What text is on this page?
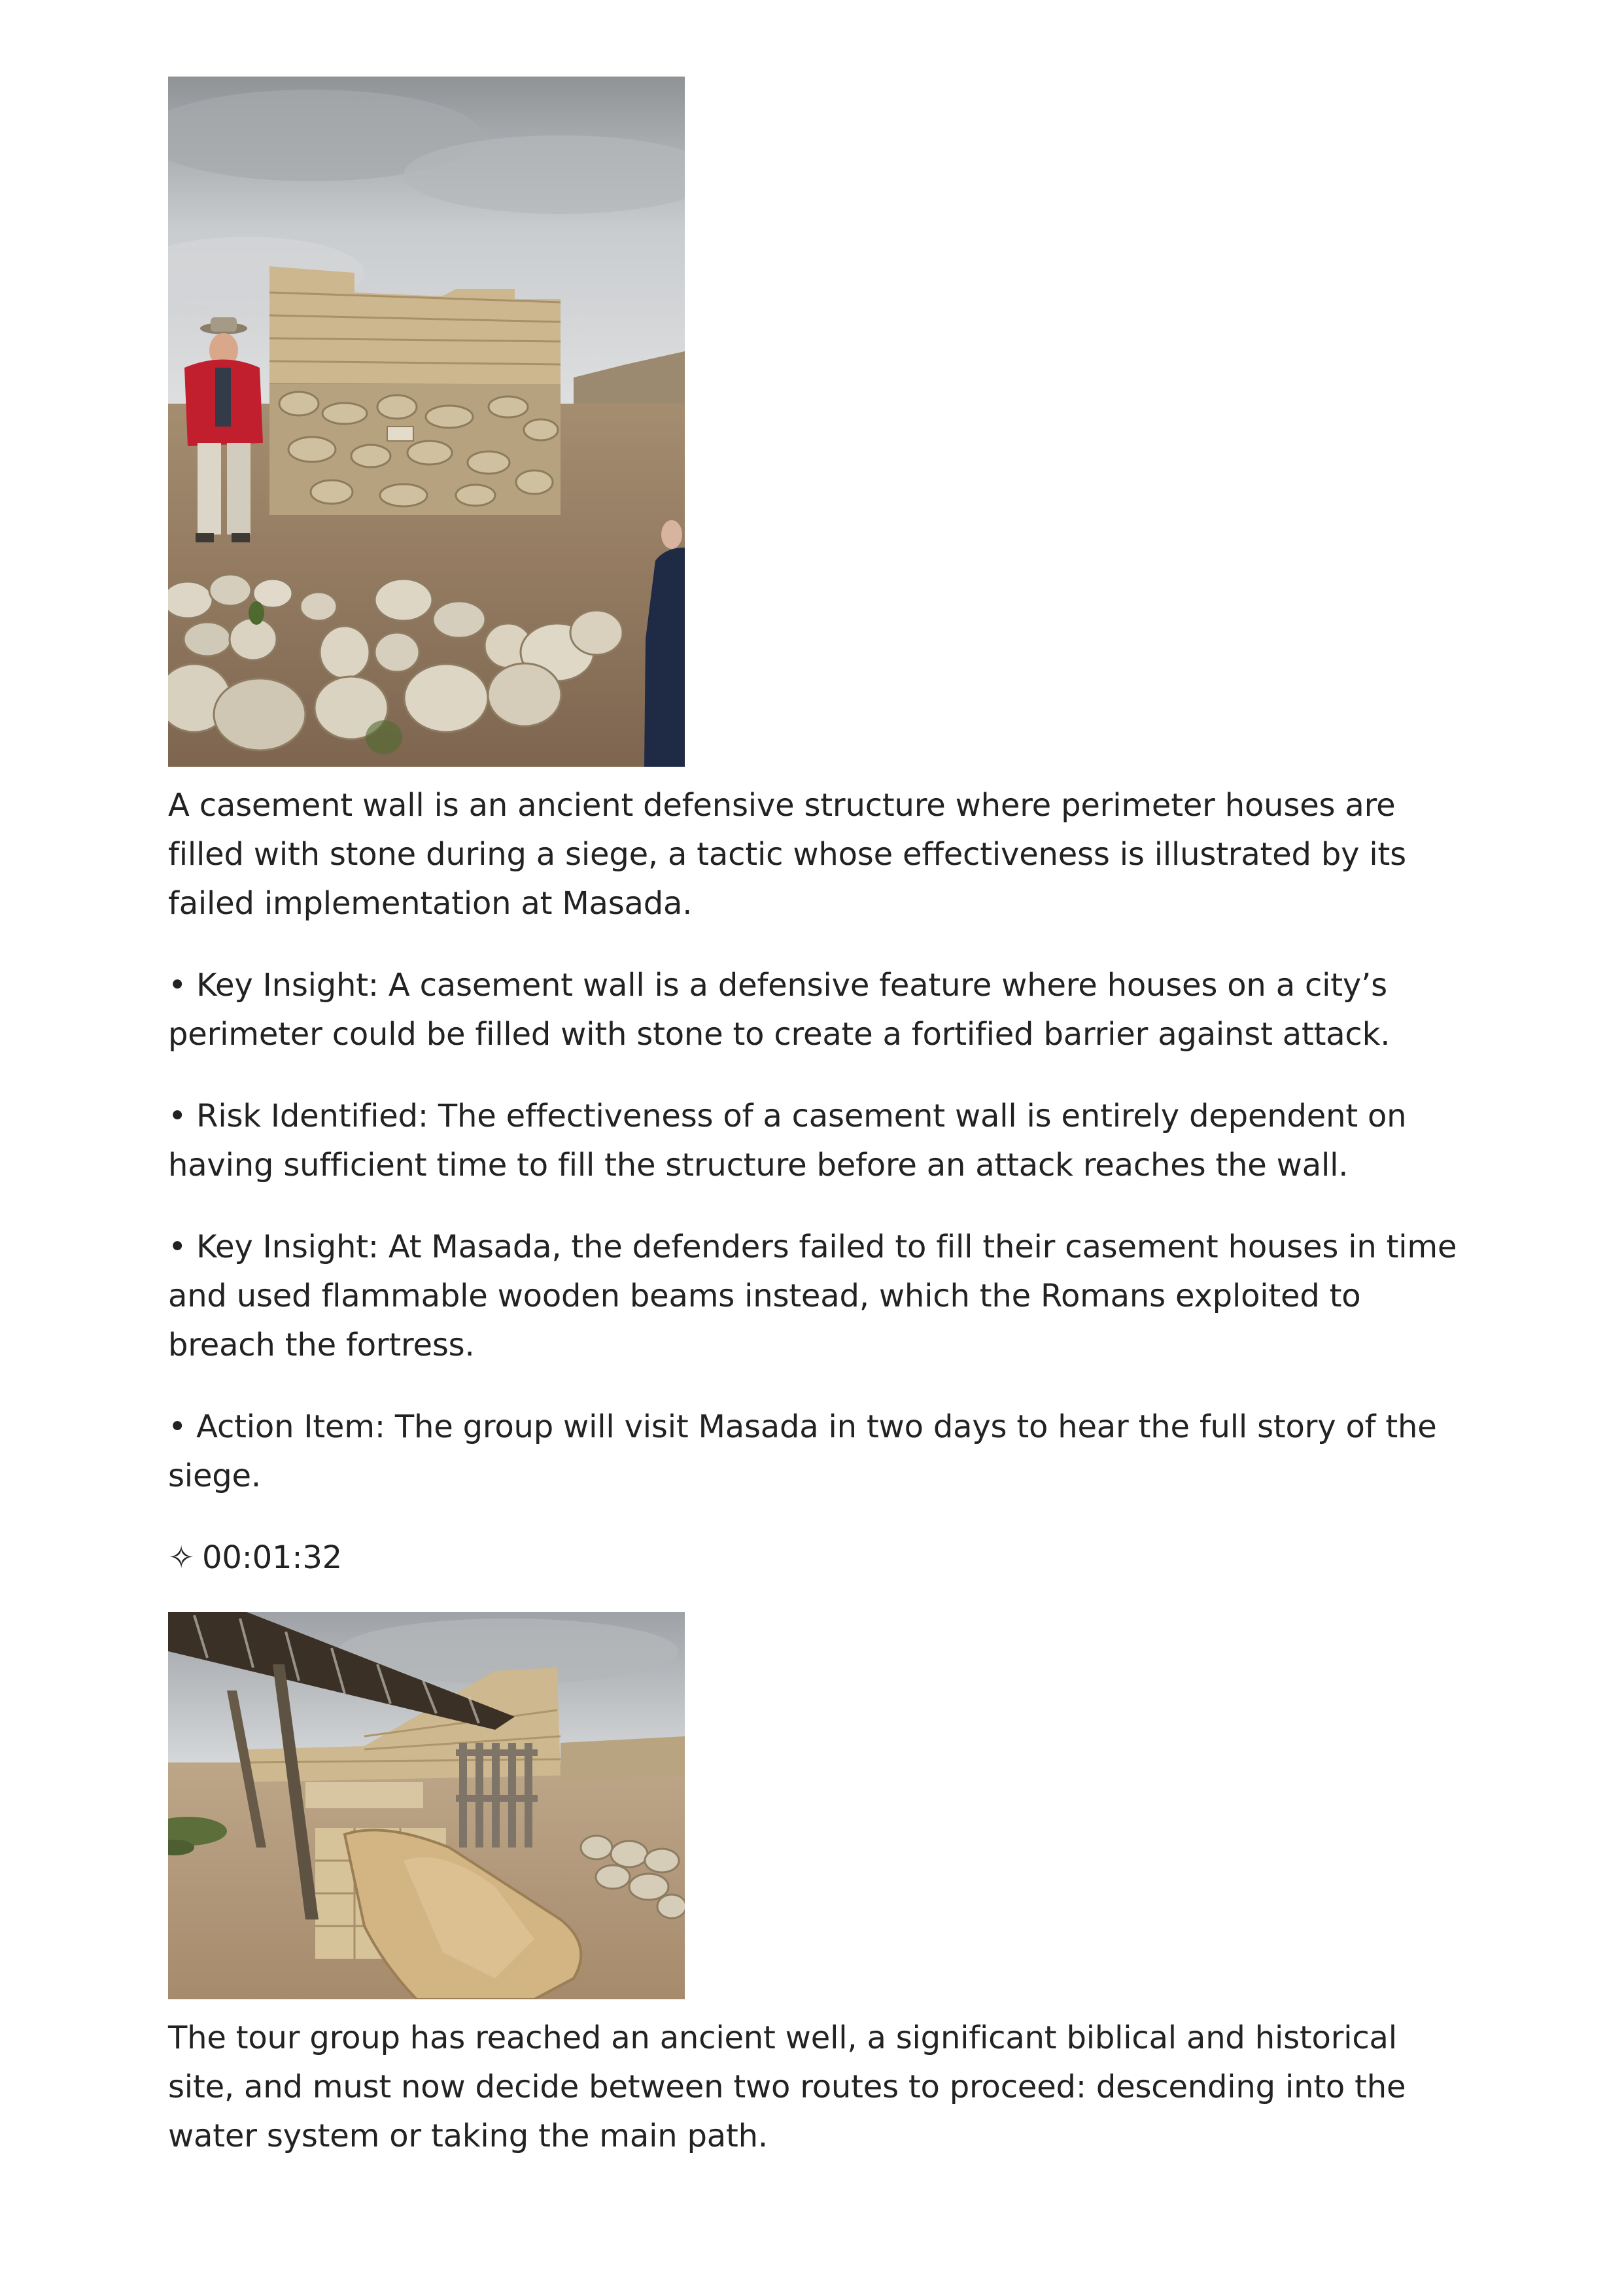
A casement wall is an ancient defensive structure where perimeter houses are filled with stone during a siege, a tactic whose effectiveness is illustrated by its failed implementation at Masada.

• Key Insight: A casement wall is a defensive feature where houses on a city’s perimeter could be filled with stone to create a fortified barrier against attack.

• Risk Identified: The effectiveness of a casement wall is entirely dependent on having sufficient time to fill the structure before an attack reaches the wall.

• Key Insight: At Masada, the defenders failed to fill their casement houses in time and used flammable wooden beams instead, which the Romans exploited to breach the fortress.

• Action Item: The group will visit Masada in two days to hear the full story of the siege.

✧ 00:01:32

The tour group has reached an ancient well, a significant biblical and historical site, and must now decide between two routes to proceed: descending into the water system or taking the main path.
